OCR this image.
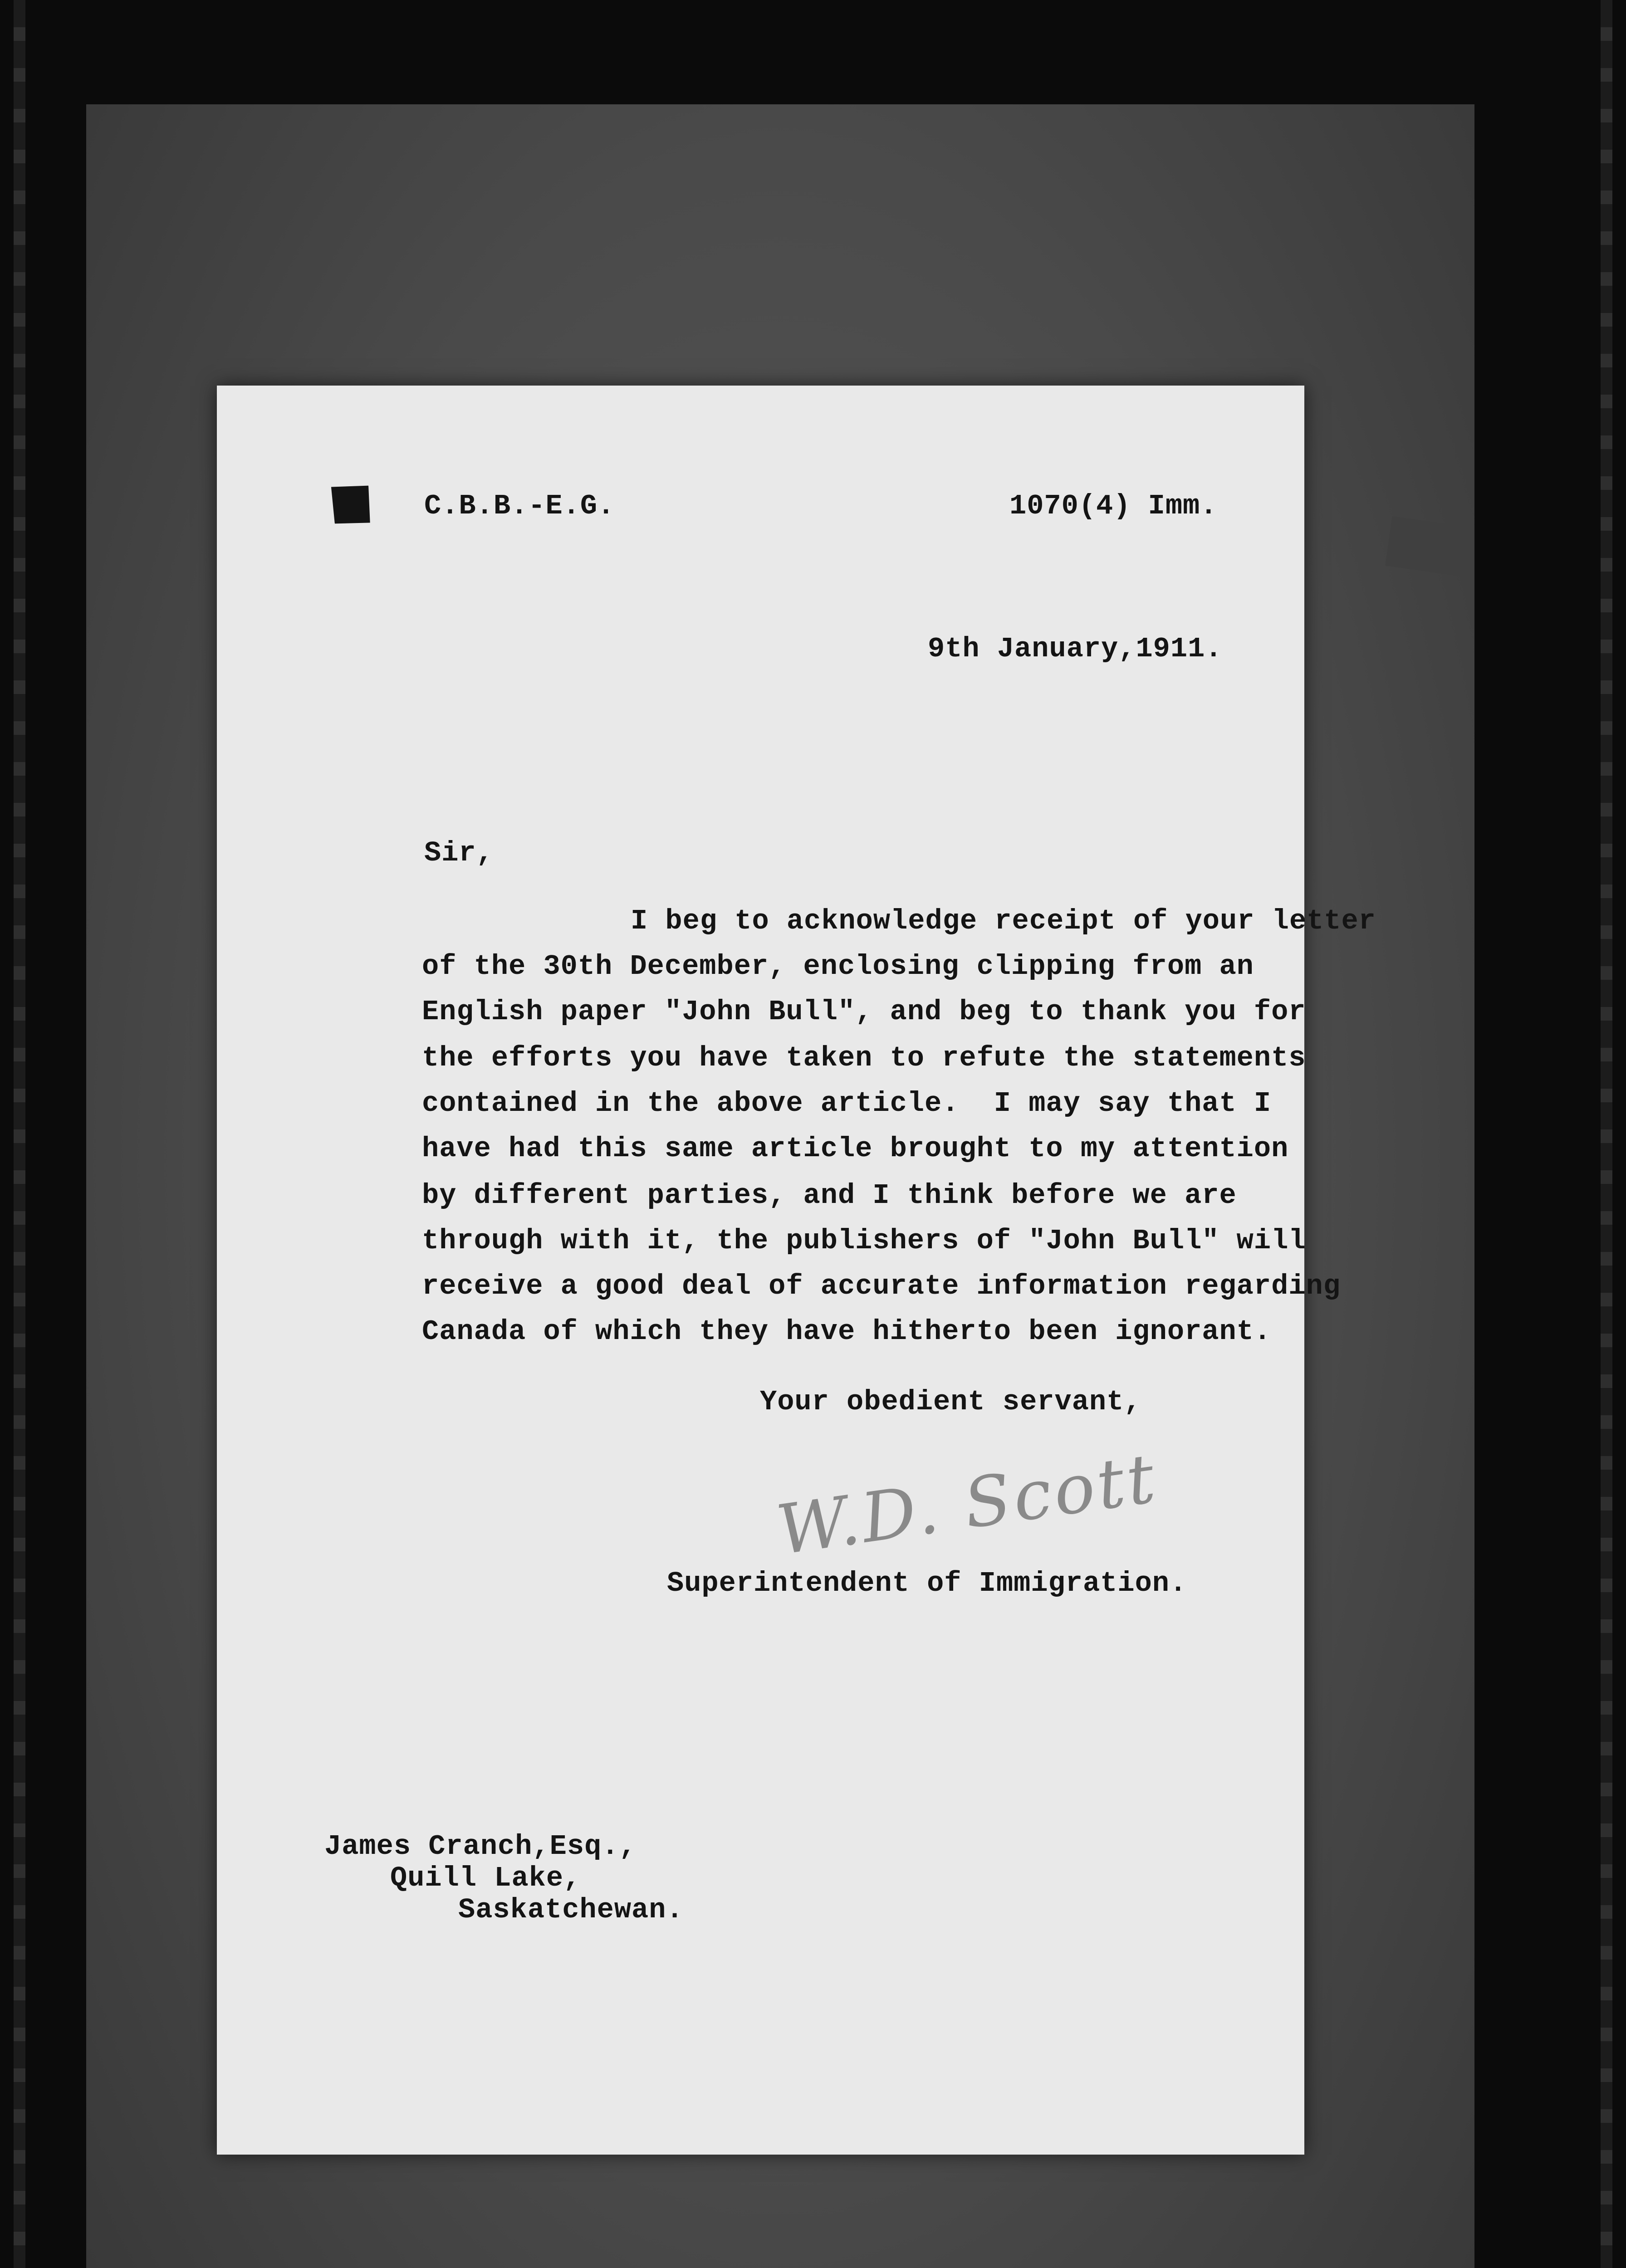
C.B.B.-E.G.	1070(4) Imm.
9th January,1911.
Sir,
I beg to acknowledge receipt of your letter
of the 30th December, enclosing clipping from an
English paper "John Bull", and beg to thank you for
the efforts you have taken to refute the statements
contained in the above article.  I may say that I
have had this same article brought to my attention
by different parties, and I think before we are
through with it, the publishers of "John Bull" will
receive a good deal of accurate information regarding
Canada of which they have hitherto been ignorant.
Your obedient servant,
W.D. Scott
Superintendent of Immigration.
James Cranch,Esq.,
Quill Lake,
Saskatchewan.
